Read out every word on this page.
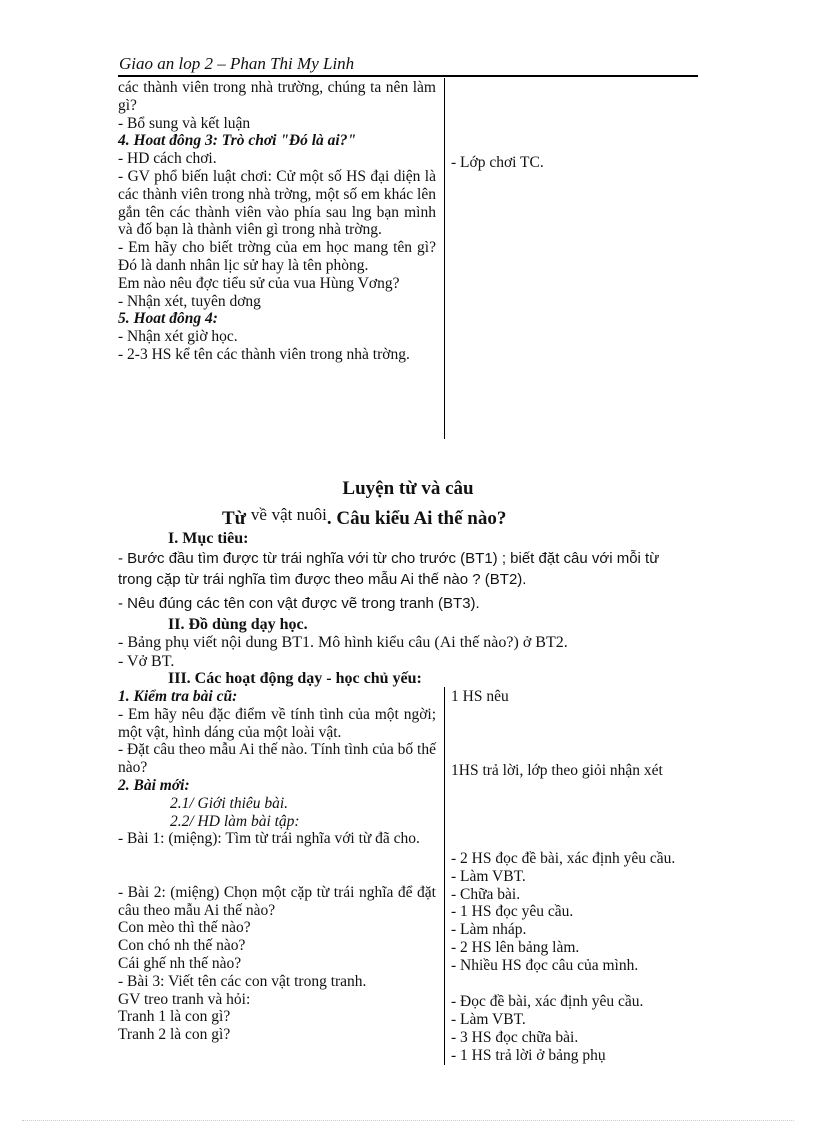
Giao an lop 2 – Phan Thi My Linh
các thành viên trong nhà trường, chúng ta nên làm gì?
- Bổ sung và kết luận
4. Hoat đông 3: Trò chơi "Đó là ai?"
- HD cách chơi.
- GV phổ biến luật chơi: Cử một số HS đại diện là các thành viên trong nhà trờng, một số em khác lên gắn tên các thành viên vào phía sau lng bạn mình và đố bạn là thành viên gì trong nhà trờng.
- Em hãy cho biết trờng của em học mang tên gì? Đó là danh nhân lịc sử hay là tên phòng.
Em nào nêu đợc tiểu sử của vua Hùng Vơng?
- Nhận xét, tuyên dơng
5. Hoat đông 4:
- Nhận xét giờ học.
- 2-3 HS kể tên các thành viên trong nhà trờng.
- Lớp chơi TC.
Luyện từ và câu
Từ về vật nuôi. Câu kiểu Ai thế nào?
I. Mục tiêu:
- Bước đầu tìm được từ trái nghĩa với từ cho trước (BT1) ; biết đặt câu với mỗi từ trong cặp từ trái nghĩa tìm được theo mẫu Ai thế nào ? (BT2).
- Nêu đúng các tên con vật được vẽ trong tranh (BT3).
II. Đồ dùng dạy học.
- Bảng phụ viết nội dung BT1. Mô hình kiểu câu (Ai thế nào?) ở BT2.
- Vở BT.
III. Các hoạt động dạy - học chủ yếu:
1. Kiểm tra bài cũ:
- Em hãy nêu đặc điểm về tính tình của một ngời; một vật, hình dáng của một loài vật.
- Đặt câu theo mẫu Ai thế nào. Tính tình của bố thế nào?
2. Bài mới:
2.1/ Giới thiêu bài.
2.2/ HD làm bài tập:
- Bài 1: (miệng): Tìm từ trái nghĩa với từ đã cho.
- Bài 2: (miệng) Chọn một cặp từ trái nghĩa để đặt câu theo mẫu Ai thế nào?
Con mèo thì thế nào?
Con chó nh thế nào?
Cái ghế nh thế nào?
- Bài 3: Viết tên các con vật trong tranh.
GV treo tranh và hỏi:
Tranh 1 là con gì?
Tranh 2 là con gì?

1 HS nêu

1HS trả lời, lớp theo giỏi nhận xét

- 2 HS đọc đề bài, xác định yêu cầu.
- Làm VBT.
- Chữa bài.

- 1 HS đọc yêu cầu.
- Làm nháp.

- 2 HS lên bảng làm.

- Nhiều HS đọc câu của mình.

- Đọc đề bài, xác định yêu cầu.

- Làm VBT.

- 3 HS đọc chữa bài.

- 1 HS trả lời ở bảng phụ
